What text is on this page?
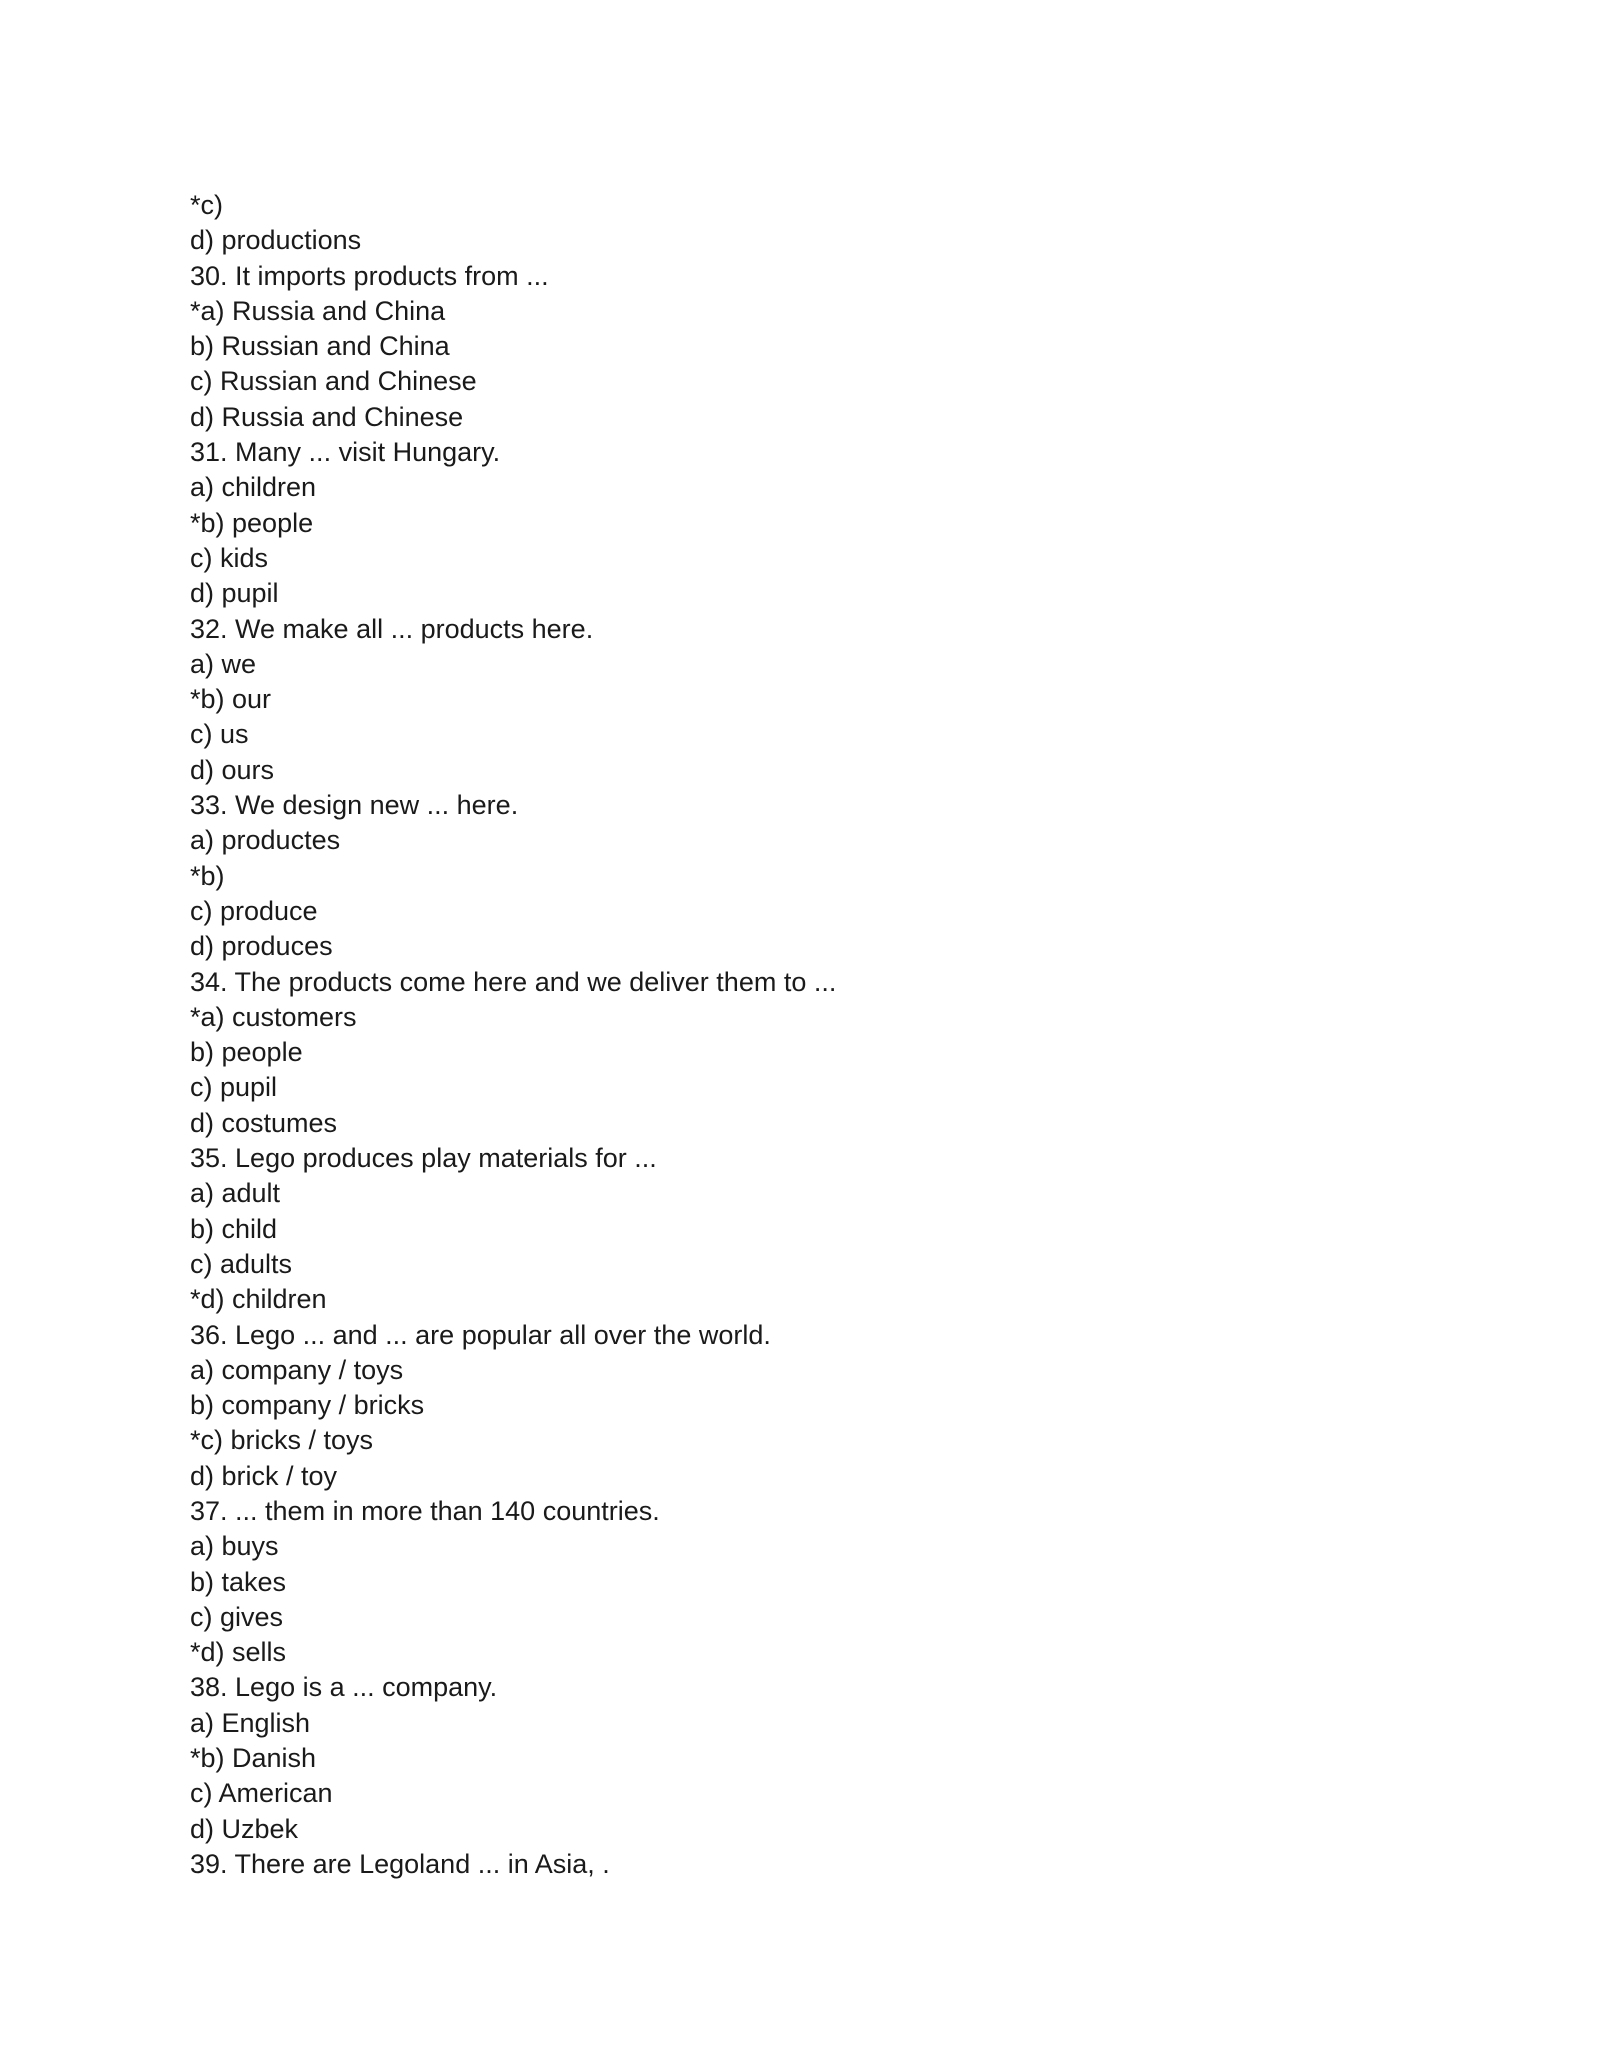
*c)
d) productions
30. It imports products from ...
*a) Russia and China
b) Russian and China
c) Russian and Chinese
d) Russia and Chinese
31. Many ... visit Hungary.
a) children
*b) people
c) kids
d) pupil
32. We make all ... products here.
a) we
*b) our
c) us
d) ours
33. We design new ... here.
a) productes
*b)
c) produce
d) produces
34. The products come here and we deliver them to ...
*a) customers
b) people
c) pupil
d) costumes
35. Lego produces play materials for ...
a) adult
b) child
c) adults
*d) children
36. Lego ... and ... are popular all over the world.
a) company / toys
b) company / bricks
*c) bricks / toys
d) brick / toy
37. ... them in more than 140 countries.
a) buys
b) takes
c) gives
*d) sells
38. Lego is a ... company.
a) English
*b) Danish
c) American
d) Uzbek
39. There are Legoland ... in Asia, .
